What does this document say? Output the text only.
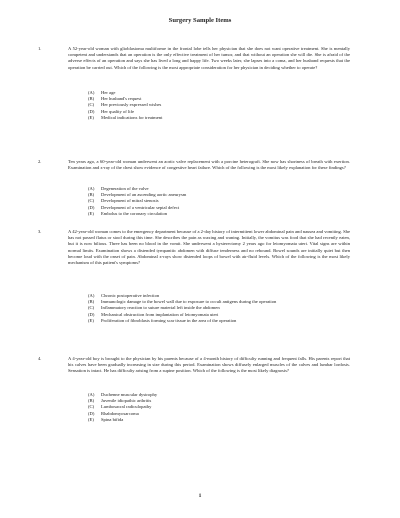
Surgery Sample Items
1.	A 52-year-old woman with glioblastoma multiforme in the frontal lobe tells her physician that she does not want operative treatment. She is mentally competent and understands that an operation is the only effective treatment of her tumor, and that without an operation she will die. She is afraid of the adverse effects of an operation and says she has lived a long and happy life. Two weeks later, she lapses into a coma, and her husband requests that the operation be carried out. Which of the following is the most appropriate consideration for her physician in deciding whether to operate?
(A)	Her age
(B)	Her husband's request
(C)	Her previously expressed wishes
(D)	Her quality of life
(E)	Medical indications for treatment
2.	Ten years ago, a 60-year-old woman underwent an aortic valve replacement with a porcine heterograft. She now has shortness of breath with exertion. Examination and x-ray of the chest show evidence of congestive heart failure. Which of the following is the most likely explanation for these findings?
(A)	Degeneration of the valve
(B)	Development of an ascending aortic aneurysm
(C)	Development of mitral stenosis
(D)	Development of a ventricular septal defect
(E)	Embolus to the coronary circulation
3.	A 42-year-old woman comes to the emergency department because of a 2-day history of intermittent lower abdominal pain and nausea and vomiting. She has not passed flatus or stool during this time. She describes the pain as waxing and waning. Initially, the vomitus was food that she had recently eaten, but it is now bilious. Three has been no blood in the vomit. She underwent a hysterectomy 2 years ago for leiomyomata uteri. Vital signs are within normal limits. Examination shows a distended tympanitic abdomen with diffuse tenderness and no rebound. Bowel sounds are initially quiet but then become loud with the onset of pain. Abdominal x-rays show distended loops of bowel with air-fluid levels. Which of the following is the most likely mechanism of this patient's symptoms?
(A)	Chronic postoperative infection
(B)	Immunologic damage to the bowel wall due to exposure to occult antigens during the operation
(C)	Inflammatory reaction to suture material left inside the abdomen
(D)	Mechanical obstruction from implantation of leiomyomata uteri
(E)	Proliferation of fibroblasts forming scar tissue in the area of the operation
4.	A 4-year-old boy is brought to the physician by his parents because of a 4-month history of difficulty running and frequent falls. His parents report that his calves have been gradually increasing in size during this period. Examination shows diffusely enlarged muscles of the calves and lumbar lordosis. Sensation is intact. He has difficulty arising from a supine position. Which of the following is the most likely diagnosis?
(A)	Duchenne muscular dystrophy
(B)	Juvenile idiopathic arthritis
(C)	Lumbosacral radiculopathy
(D)	Rhabdomyosarcoma
(E)	Spina bifida
1
